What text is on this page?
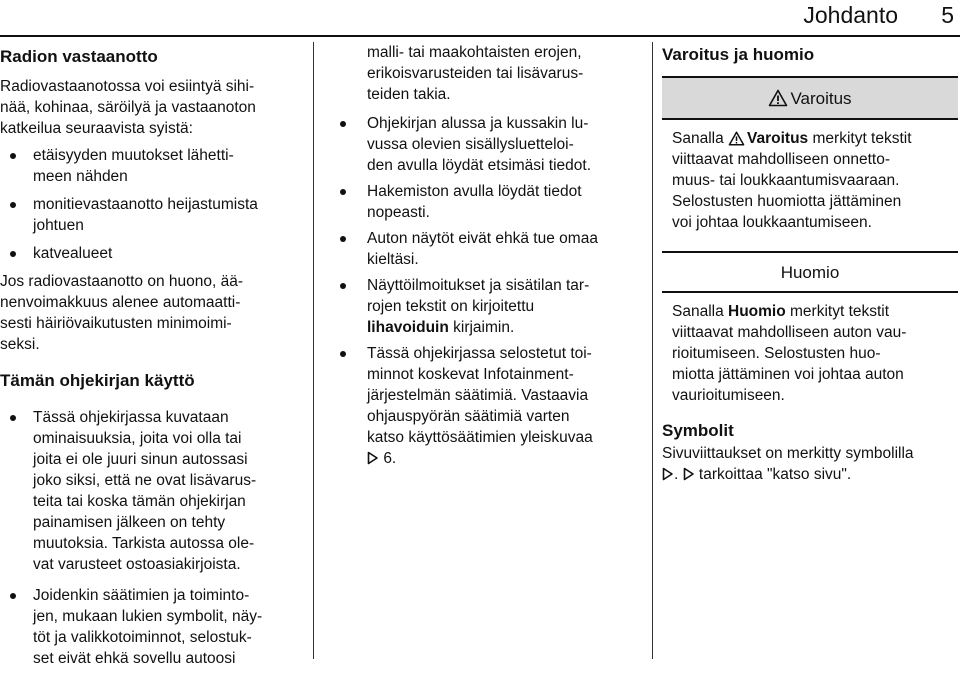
Johdanto 5
Radion vastaanotto

Radiovastaanotossa voi esiintyä sihi-
nää, kohinaa, säröilyä ja vastaanoton
katkeilua seuraavista syistä:

etäisyyden muutokset lähetti-
meen nähden
monitievastaanotto heijastumista
johtuen
katvealueet

Jos radiovastaanotto on huono, ää-
nenvoimakkuus alenee automaatti-
sesti häiriövaikutusten minimoimi-
seksi.

Tämän ohjekirjan käyttö
Tässä ohjekirjassa kuvataan
ominaisuuksia, joita voi olla tai
joita ei ole juuri sinun autossasi
joko siksi, että ne ovat lisävarus-
teita tai koska tämän ohjekirjan
painamisen jälkeen on tehty
muutoksia. Tarkista autossa ole-
vat varusteet ostoasiakirjoista.
Joidenkin säätimien ja toiminto-
jen, mukaan lukien symbolit, näy-
töt ja valikkotoiminnot, selostuk-
set eivät ehkä sovellu autoosi

malli- tai maakohtaisten erojen,
erikoisvarusteiden tai lisävarus-
teiden takia.

Ohjekirjan alussa ja kussakin lu-
vussa olevien sisällysluetteloi-
den avulla löydät etsimäsi tiedot.
Hakemiston avulla löydät tiedot
nopeasti.
Auton näytöt eivät ehkä tue omaa
kieltäsi.
Näyttöilmoitukset ja sisätilan tar-
rojen tekstit on kirjoitettu
lihavoiduin kirjaimin.
Tässä ohjekirjassa selostetut toi-
minnot koskevat Infotainment-
järjestelmän säätimiä. Vastaavia
ohjauspyörän säätimiä varten
katso käyttösäätimien yleiskuvaa
6.
Varoitus ja huomio
Varoitus
Sanalla Varoitus merkityt tekstit
viittaavat mahdolliseen onnetto-
muus- tai loukkaantumisvaaraan.
Selostusten huomiotta jättäminen
voi johtaa loukkaantumiseen.
Huomio
Sanalla Huomio merkityt tekstit
viittaavat mahdolliseen auton vau-
rioitumiseen. Selostusten huo-
miotta jättäminen voi johtaa auton
vaurioitumiseen.
Symbolit

Sivuviittaukset on merkitty symbolilla
.  tarkoittaa "katso sivu".
